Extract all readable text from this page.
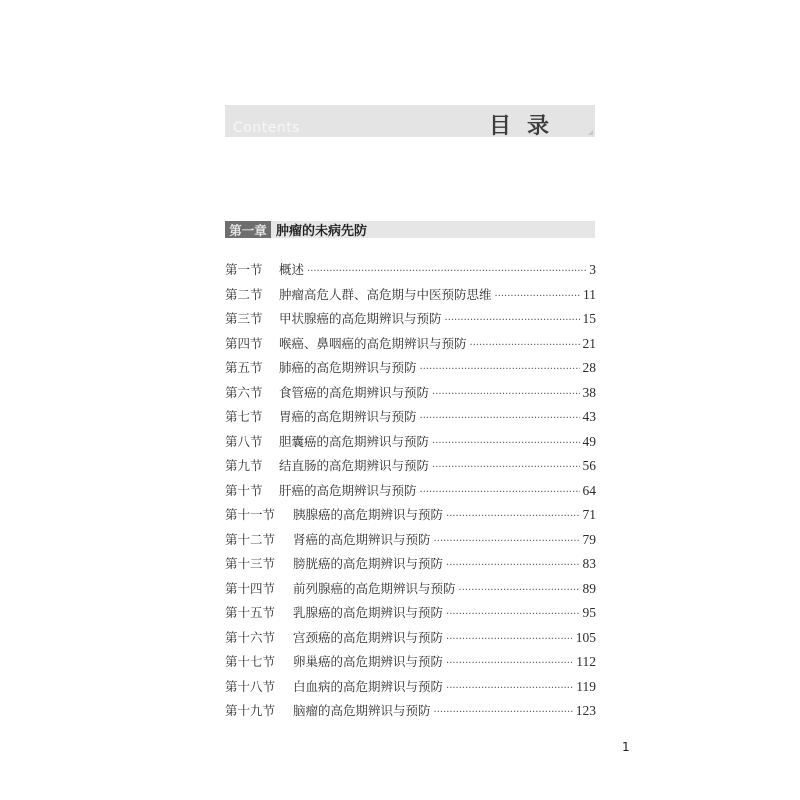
Contents	目录
第一章 肿瘤的未病先防
第一节	概述 ·····	3
第二节	肿瘤高危人群、高危期与中医预防思维 ·····	11
第三节	甲状腺癌的高危期辨识与预防 ·····	15
第四节	喉癌、鼻咽癌的高危期辨识与预防 ·····	21
第五节	肺癌的高危期辨识与预防 ·····	28
第六节	食管癌的高危期辨识与预防 ·····	38
第七节	胃癌的高危期辨识与预防 ·····	43
第八节	胆囊癌的高危期辨识与预防 ·····	49
第九节	结直肠的高危期辨识与预防 ·····	56
第十节	肝癌的高危期辨识与预防 ·····	64
第十一节	胰腺癌的高危期辨识与预防 ·····	71
第十二节	肾癌的高危期辨识与预防 ·····	79
第十三节	膀胱癌的高危期辨识与预防 ·····	83
第十四节	前列腺癌的高危期辨识与预防 ·····	89
第十五节	乳腺癌的高危期辨识与预防 ·····	95
第十六节	宫颈癌的高危期辨识与预防 ·····	105
第十七节	卵巢癌的高危期辨识与预防 ·····	112
第十八节	白血病的高危期辨识与预防 ·····	119
第十九节	脑瘤的高危期辨识与预防 ·····	123
1
